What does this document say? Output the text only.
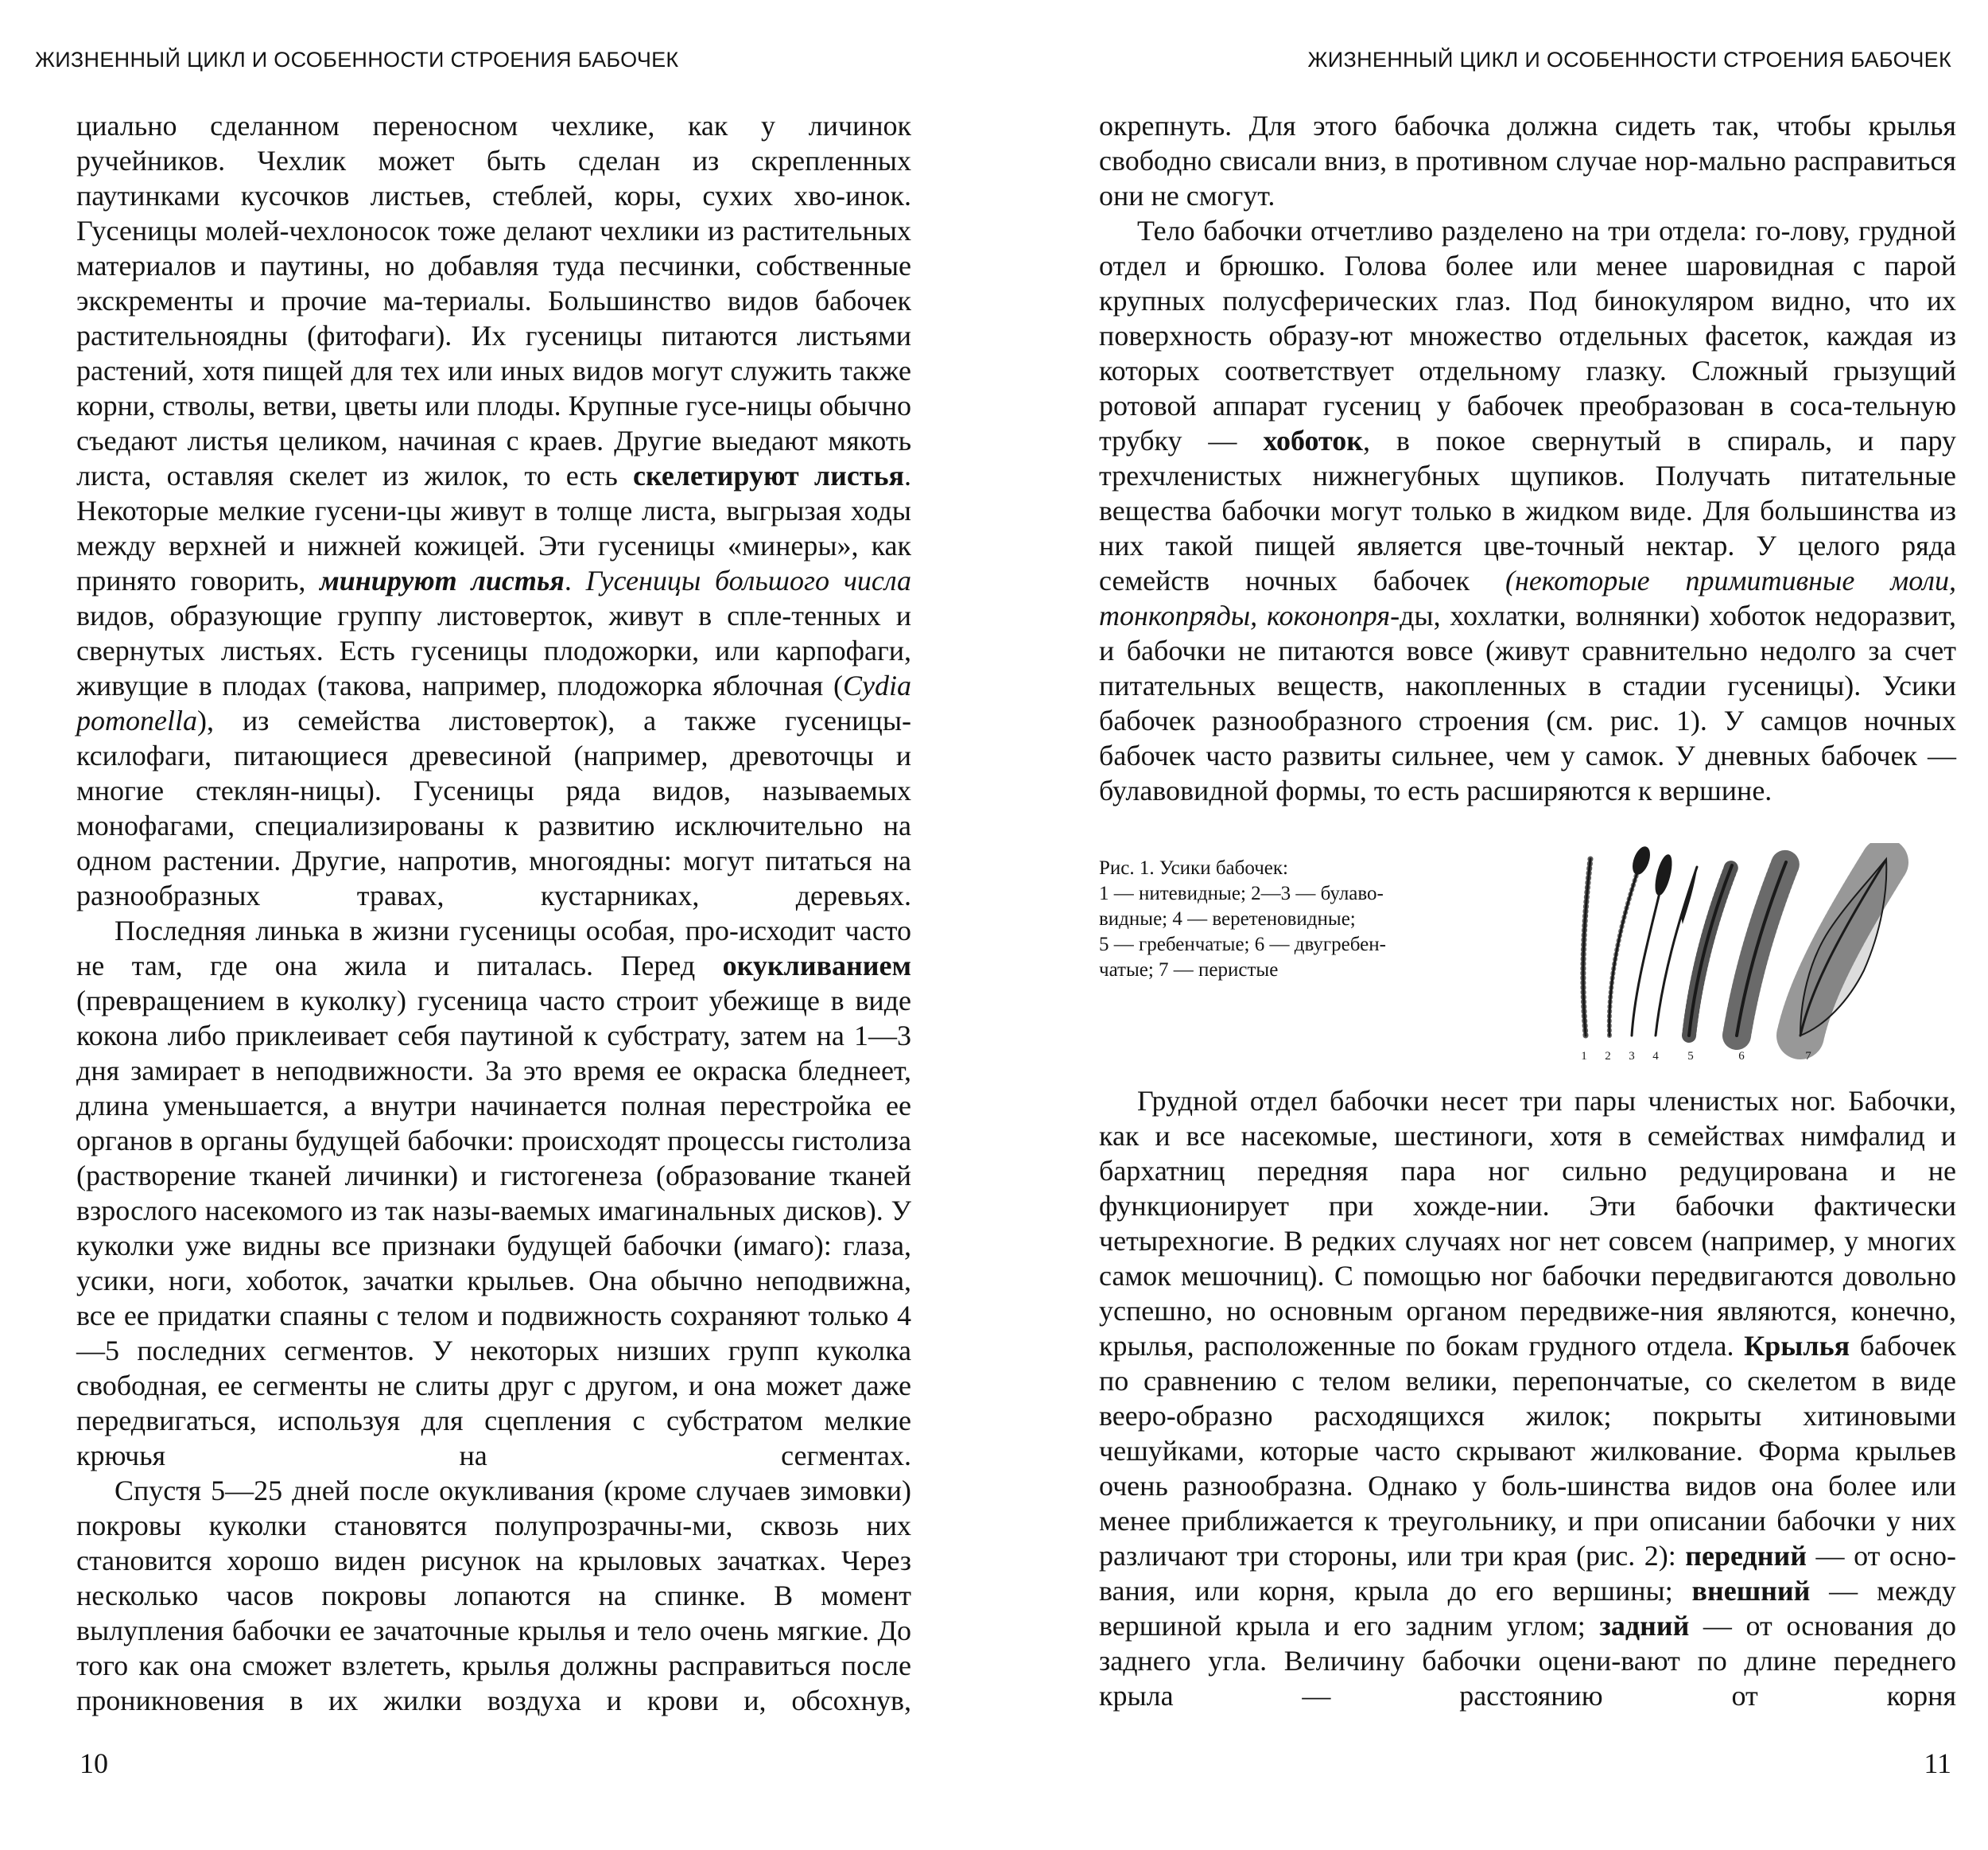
ЖИЗНЕННЫЙ ЦИКЛ И ОСОБЕННОСТИ СТРОЕНИЯ БАБОЧЕК

циально сделанном переносном чехлике, как у личинок ручейников. Чехлик может быть сделан из скрепленных паутинками кусочков листьев, стеблей, коры, сухих хво-инок. Гусеницы молей-чехлоносок тоже делают чехлики из растительных материалов и паутины, но добавляя туда песчинки, собственные экскременты и прочие ма-териалы. Большинство видов бабочек растительноядны (фитофаги). Их гусеницы питаются листьями растений, хотя пищей для тех или иных видов могут служить также корни, стволы, ветви, цветы или плоды. Крупные гусе-ницы обычно съедают листья целиком, начиная с краев. Другие выедают мякоть листа, оставляя скелет из жилок, то есть скелетируют листья. Некоторые мелкие гусени-цы живут в толще листа, выгрызая ходы между верхней и нижней кожицей. Эти гусеницы «минеры», как принято говорить, минируют листья. Гусеницы большого числа видов, образующие группу листоверток, живут в спле-тенных и свернутых листьях. Есть гусеницы плодожорки, или карпофаги, живущие в плодах (такова, например, плодожорка яблочная (Cydia pomonella), из семейства листоверток), а также гусеницы-ксилофаги, питающиеся древесиной (например, древоточцы и многие стеклян-ницы). Гусеницы ряда видов, называемых монофагами, специализированы к развитию исключительно на одном растении. Другие, напротив, многоядны: могут питаться на разнообразных травах, кустарниках, деревьях.

Последняя линька в жизни гусеницы особая, про-исходит часто не там, где она жила и питалась. Перед окукливанием (превращением в куколку) гусеница часто строит убежище в виде кокона либо приклеивает себя паутиной к субстрату, затем на 1—3 дня замирает в неподвижности. За это время ее окраска бледнеет, длина уменьшается, а внутри начинается полная перестройка ее органов в органы будущей бабочки: происходят процессы гистолиза (растворение тканей личинки) и гистогенеза (образование тканей взрослого насекомого из так назы-ваемых имагинальных дисков). У куколки уже видны все признаки будущей бабочки (имаго): глаза, усики, ноги, хоботок, зачатки крыльев. Она обычно неподвижна, все ее придатки спаяны с телом и подвижность сохраняют только 4—5 последних сегментов. У некоторых низших групп куколка свободная, ее сегменты не слиты друг с другом, и она может даже передвигаться, используя для сцепления с субстратом мелкие крючья на сегментах.

Спустя 5—25 дней после окукливания (кроме случаев зимовки) покровы куколки становятся полупрозрачны-ми, сквозь них становится хорошо виден рисунок на крыловых зачатках. Через несколько часов покровы лопаются на спинке. В момент вылупления бабочки ее зачаточные крылья и тело очень мягкие. До того как она сможет взлететь, крылья должны расправиться после проникновения в их жилки воздуха и крови и, обсохнув,

10
ЖИЗНЕННЫЙ ЦИКЛ И ОСОБЕННОСТИ СТРОЕНИЯ БАБОЧЕК

окрепнуть. Для этого бабочка должна сидеть так, чтобы крылья свободно свисали вниз, в противном случае нор-мально расправиться они не смогут.

Тело бабочки отчетливо разделено на три отдела: го-лову, грудной отдел и брюшко. Голова более или менее шаровидная с парой крупных полусферических глаз. Под бинокуляром видно, что их поверхность образу-ют множество отдельных фасеток, каждая из которых соответствует отдельному глазку. Сложный грызущий ротовой аппарат гусениц у бабочек преобразован в соса-тельную трубку — хоботок, в покое свернутый в спираль, и пару трехчленистых нижнегубных щупиков. Получать питательные вещества бабочки могут только в жидком виде. Для большинства из них такой пищей является цве-точный нектар. У целого ряда семейств ночных бабочек (некоторые примитивные моли, тонкопряды, коконопря-ды, хохлатки, волнянки) хоботок недоразвит, и бабочки не питаются вовсе (живут сравнительно недолго за счет питательных веществ, накопленных в стадии гусеницы). Усики бабочек разнообразного строения (см. рис. 1). У самцов ночных бабочек часто развиты сильнее, чем у самок. У дневных бабочек — булавовидной формы, то есть расширяются к вершине.

Рис. 1. Усики бабочек:
1 — нитевидные; 2—3 — булаво-
видные; 4 — веретеновидные;
5 — гребенчатые; 6 — двугребен-
чатые; 7 — перистые
1 2 3 4 5	6	7

Грудной отдел бабочки несет три пары членистых ног. Бабочки, как и все насекомые, шестиноги, хотя в семействах нимфалид и бархатниц передняя пара ног сильно редуцирована и не функционирует при хожде-нии. Эти бабочки фактически четырехногие. В редких случаях ног нет совсем (например, у многих самок мешочниц). С помощью ног бабочки передвигаются довольно успешно, но основным органом передвиже-ния являются, конечно, крылья, расположенные по бокам грудного отдела. Крылья бабочек по сравнению с телом велики, перепончатые, со скелетом в виде вееро-образно расходящихся жилок; покрыты хитиновыми чешуйками, которые часто скрывают жилкование. Форма крыльев очень разнообразна. Однако у боль-шинства видов она более или менее приближается к треугольнику, и при описании бабочки у них различают три стороны, или три края (рис. 2): передний — от осно-вания, или корня, крыла до его вершины; внешний — между вершиной крыла и его задним углом; задний — от основания до заднего угла. Величину бабочки оцени-вают по длине переднего крыла — расстоянию от корня

11
